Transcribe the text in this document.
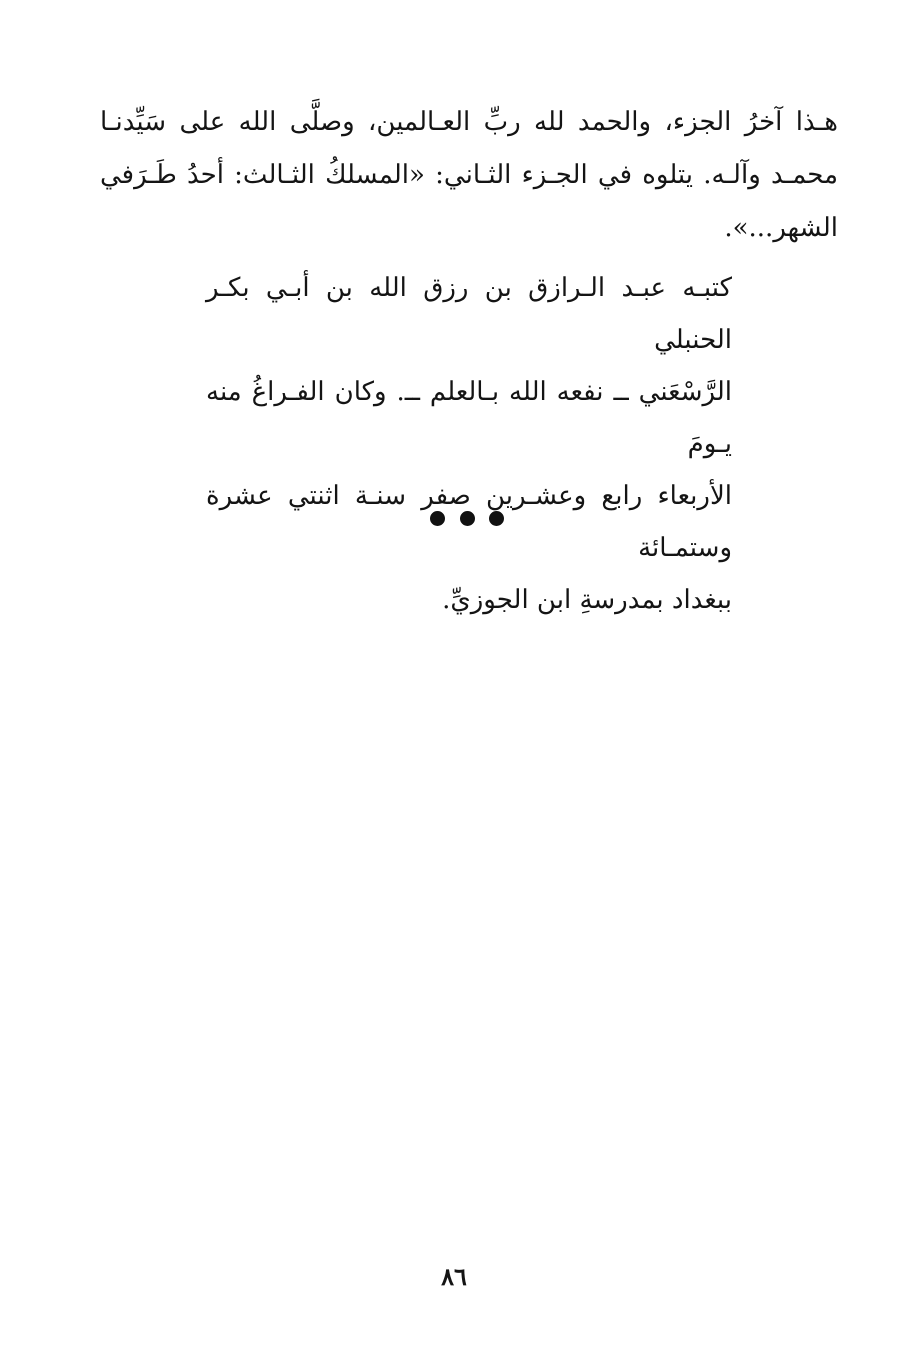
هـذا آخرُ الجزء، والحمد لله ربِّ العـالمين، وصلَّى الله على سَيِّدنـا
محمـد وآلـه. يتلوه في الجـزء الثـاني: «المسلكُ الثـالث: أحدُ طَـرَفي
الشهر...».

كتبـه عبـد الـرازق بن رزق الله بن أبـي بكـر الحنبلي
الرَّسْعَني ــ نفعه الله بـالعلم ــ. وكان الفـراغُ منه يـومَ
الأربعاء رابع وعشـرين صفر سنـة اثنتي عشرة وستمـائة
ببغداد بمدرسةِ ابن الجوزيِّ.

٨٦
